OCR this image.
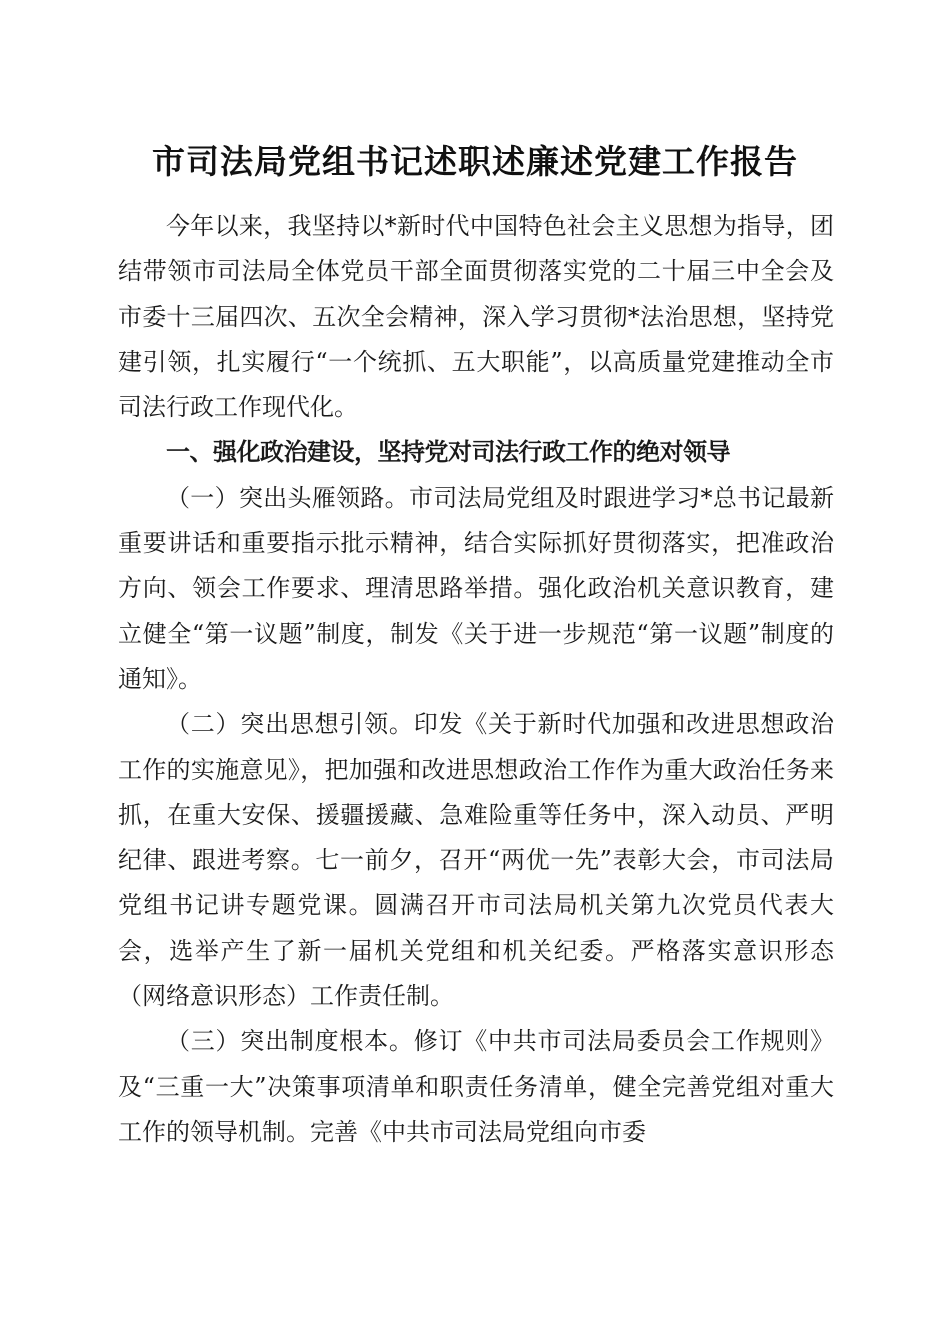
市司法局党组书记述职述廉述党建工作报告

今年以来，我坚持以*新时代中国特色社会主义思想为指导，团结带领市司法局全体党员干部全面贯彻落实党的二十届三中全会及市委十三届四次、五次全会精神，深入学习贯彻*法治思想，坚持党建引领，扎实履行“一个统抓、五大职能”，以高质量党建推动全市司法行政工作现代化。

一、强化政治建设，坚持党对司法行政工作的绝对领导

（一）突出头雁领路。市司法局党组及时跟进学习*总书记最新重要讲话和重要指示批示精神，结合实际抓好贯彻落实，把准政治方向、领会工作要求、理清思路举措。强化政治机关意识教育，建立健全“第一议题”制度，制发《关于进一步规范“第一议题”制度的通知》。

（二）突出思想引领。印发《关于新时代加强和改进思想政治工作的实施意见》，把加强和改进思想政治工作作为重大政治任务来抓，在重大安保、援疆援藏、急难险重等任务中，深入动员、严明纪律、跟进考察。七一前夕，召开“两优一先”表彰大会，市司法局党组书记讲专题党课。圆满召开市司法局机关第九次党员代表大会，选举产生了新一届机关党组和机关纪委。严格落实意识形态（网络意识形态）工作责任制。

（三）突出制度根本。修订《中共市司法局委员会工作规则》及“三重一大”决策事项清单和职责任务清单，健全完善党组对重大工作的领导机制。完善《中共市司法局党组向市委
